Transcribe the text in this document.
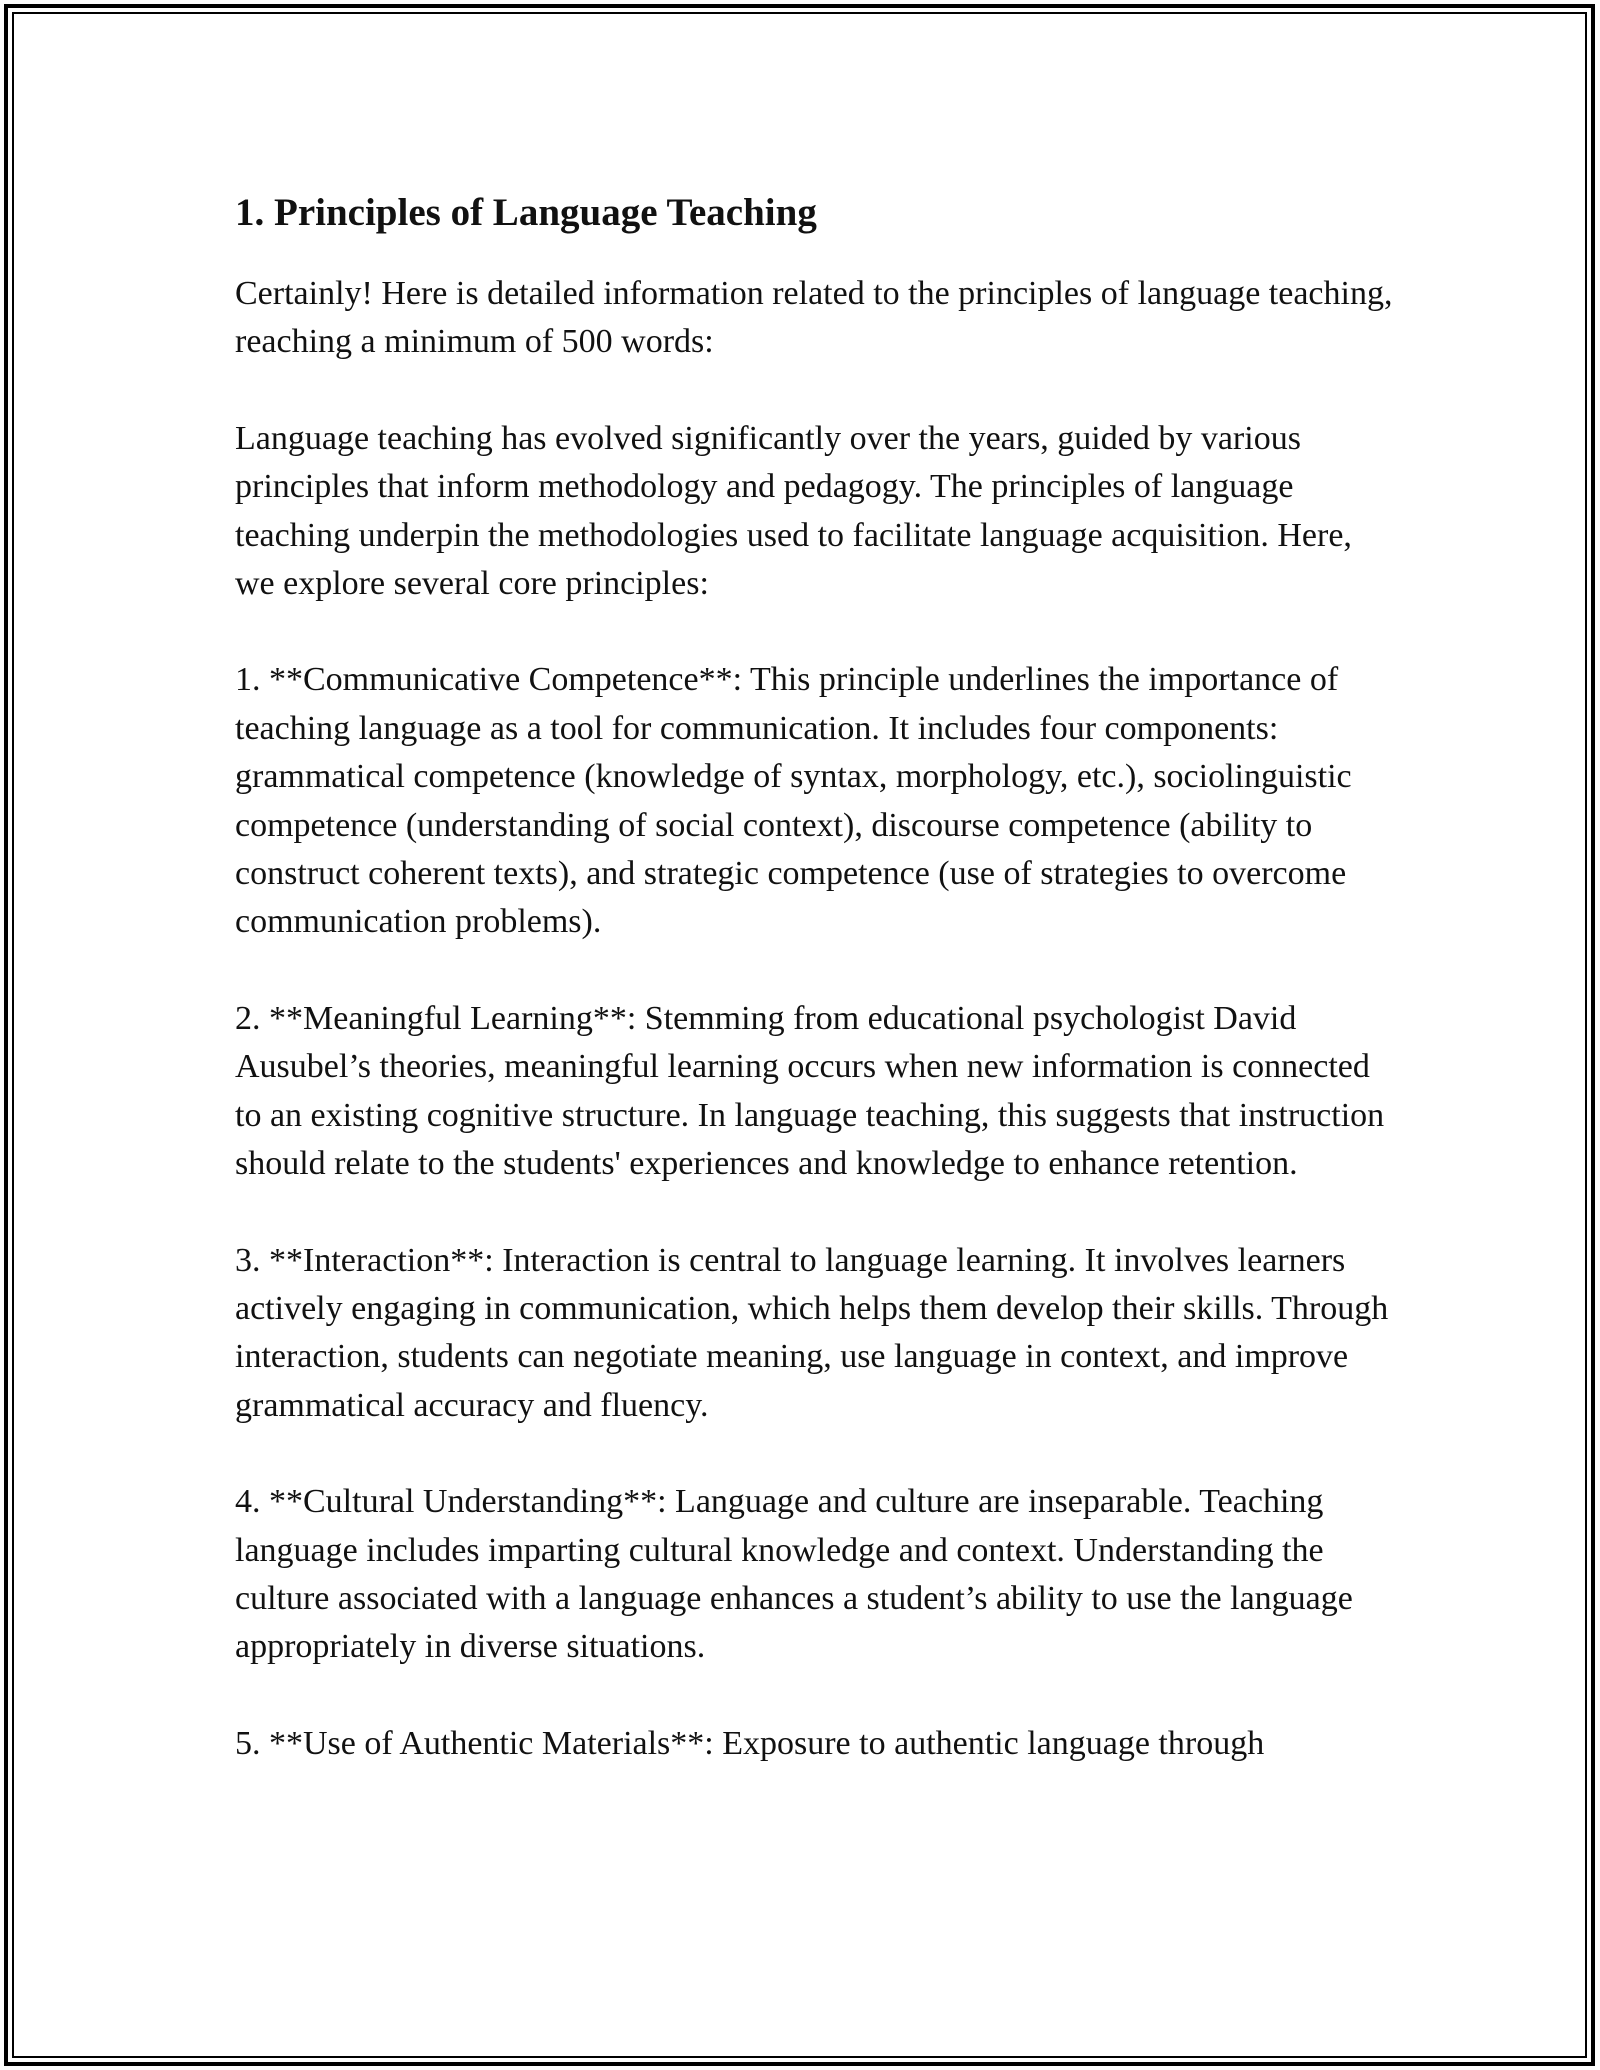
1. Principles of Language Teaching

Certainly! Here is detailed information related to the principles of language teaching, reaching a minimum of 500 words:

Language teaching has evolved significantly over the years, guided by various principles that inform methodology and pedagogy. The principles of language teaching underpin the methodologies used to facilitate language acquisition. Here, we explore several core principles:

1. **Communicative Competence**: This principle underlines the importance of teaching language as a tool for communication. It includes four components: grammatical competence (knowledge of syntax, morphology, etc.), sociolinguistic competence (understanding of social context), discourse competence (ability to construct coherent texts), and strategic competence (use of strategies to overcome communication problems).

2. **Meaningful Learning**: Stemming from educational psychologist David Ausubel’s theories, meaningful learning occurs when new information is connected to an existing cognitive structure. In language teaching, this suggests that instruction should relate to the students' experiences and knowledge to enhance retention.

3. **Interaction**: Interaction is central to language learning. It involves learners actively engaging in communication, which helps them develop their skills. Through interaction, students can negotiate meaning, use language in context, and improve grammatical accuracy and fluency.

4. **Cultural Understanding**: Language and culture are inseparable. Teaching language includes imparting cultural knowledge and context. Understanding the culture associated with a language enhances a student’s ability to use the language appropriately in diverse situations.

5. **Use of Authentic Materials**: Exposure to authentic language through
